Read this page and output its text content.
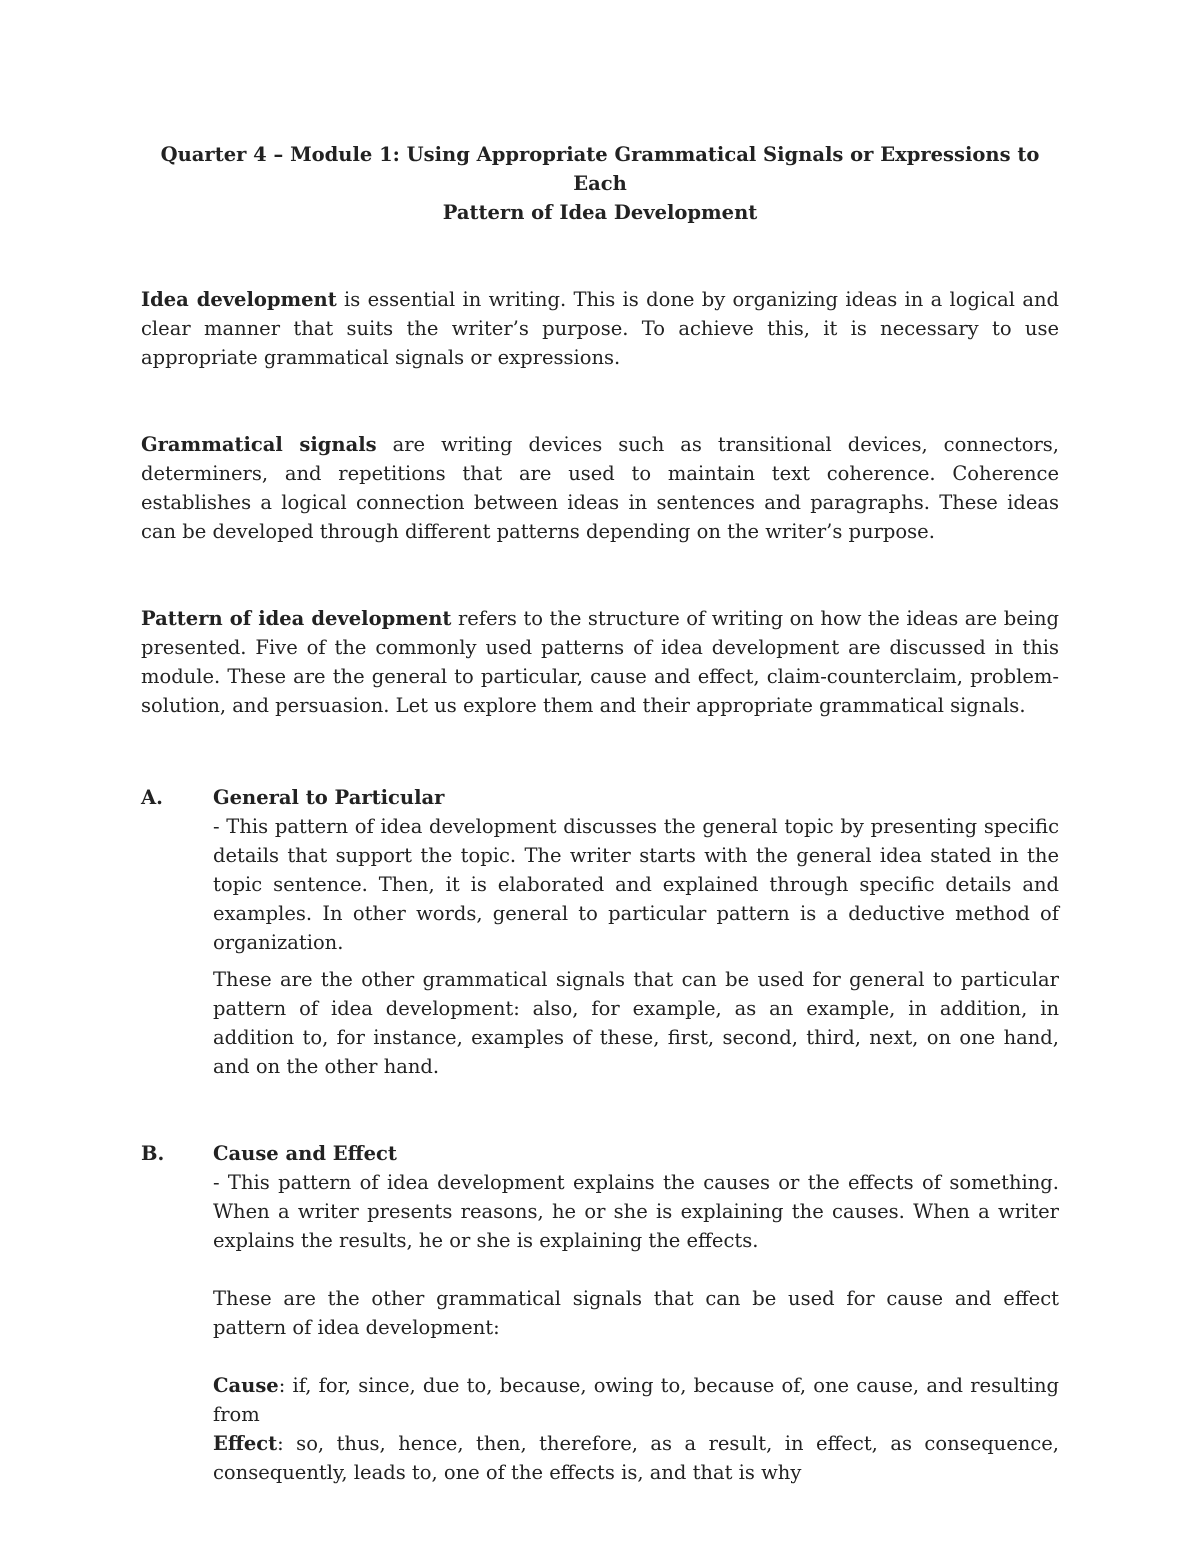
Quarter 4 – Module 1: Using Appropriate Grammatical Signals or Expressions to Each
Pattern of Idea Development

Idea development is essential in writing. This is done by organizing ideas in a logical and clear manner that suits the writer’s purpose. To achieve this, it is necessary to use appropriate grammatical signals or expressions.

Grammatical signals are writing devices such as transitional devices, connectors, determiners, and repetitions that are used to maintain text coherence. Coherence establishes a logical connection between ideas in sentences and paragraphs. These ideas can be developed through different patterns depending on the writer’s purpose.

Pattern of idea development refers to the structure of writing on how the ideas are being presented. Five of the commonly used patterns of idea development are discussed in this module. These are the general to particular, cause and effect, claim-counterclaim, problem-solution, and persuasion. Let us explore them and their appropriate grammatical signals.

A.	General to Particular

- This pattern of idea development discusses the general topic by presenting specific details that support the topic. The writer starts with the general idea stated in the topic sentence. Then, it is elaborated and explained through specific details and examples. In other words, general to particular pattern is a deductive method of organization.

These are the other grammatical signals that can be used for general to particular pattern of idea development: also, for example, as an example, in addition, in addition to, for instance, examples of these, first, second, third, next, on one hand, and on the other hand.

B.	Cause and Effect

- This pattern of idea development explains the causes or the effects of something. When a writer presents reasons, he or she is explaining the causes. When a writer explains the results, he or she is explaining the effects.

These are the other grammatical signals that can be used for cause and effect pattern of idea development:

Cause: if, for, since, due to, because, owing to, because of, one cause, and resulting from

Effect: so, thus, hence, then, therefore, as a result, in effect, as consequence, consequently, leads to, one of the effects is, and that is why
